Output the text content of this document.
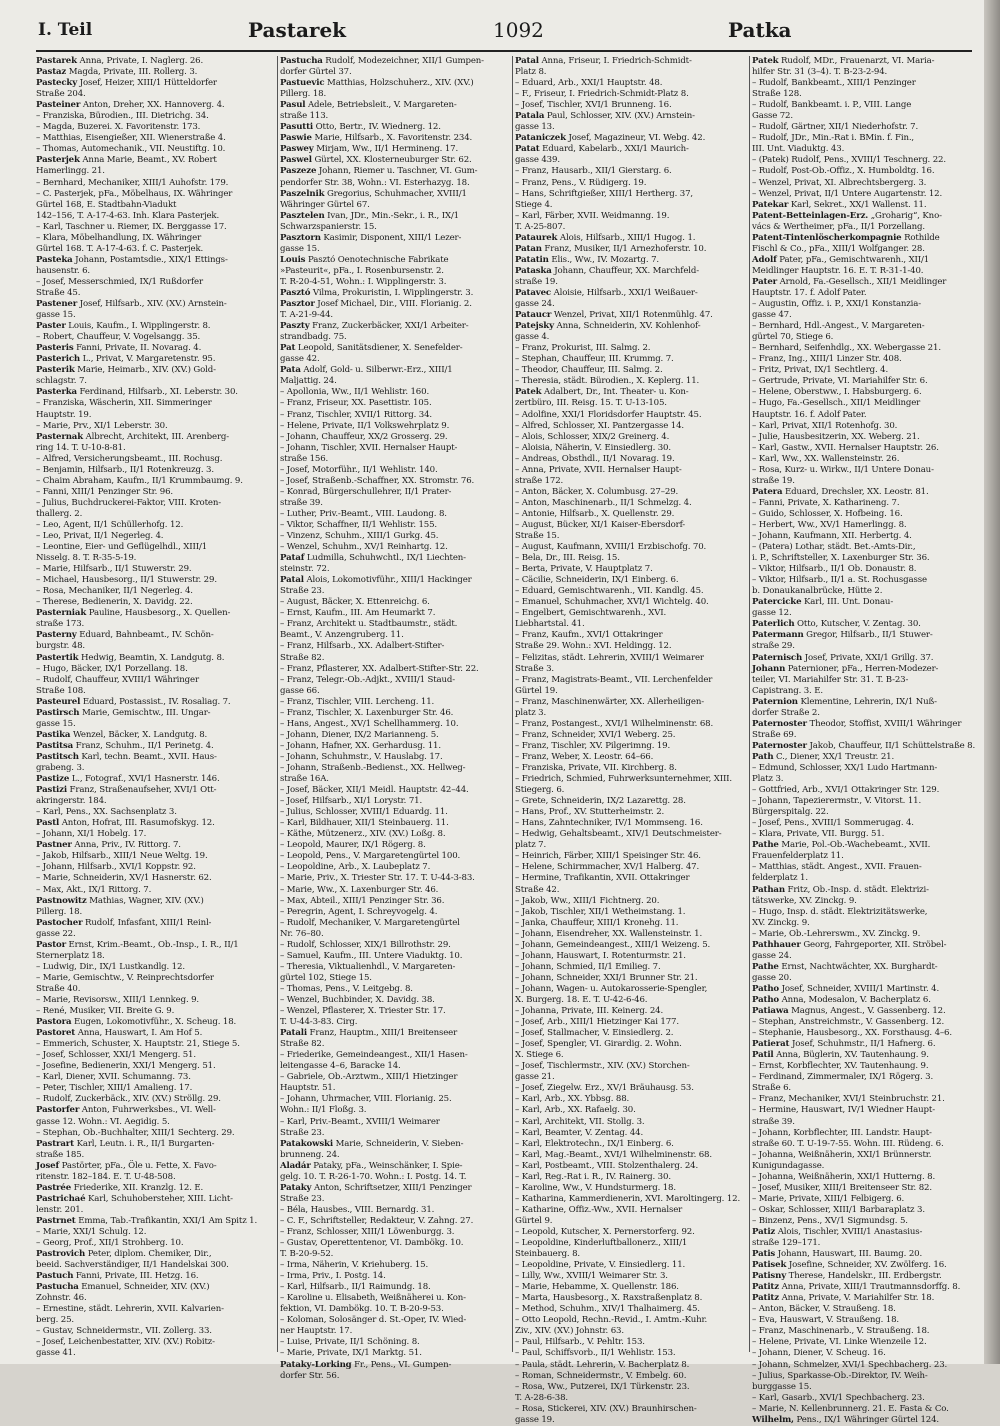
I. Teil	Pastarek	1092	Patka
Pastarek Anna, Private, I. Naglerg. 26.
Pastaz Magda, Private, III. Rollerg. 3.
Pastecky Josef, Heizer, XIII/1 Hütteldorfer
Straße 204.
Pasteiner Anton, Dreher, XX. Hannoverg. 4.
– Franziska, Bürodien., III. Dietrichg. 34.
– Magda, Buzerei. X. Favoritenstr. 173.
– Matthias, Eisengießer, XII. Wienerstraße 4.
– Thomas, Automechanik., VII. Neustiftg. 10.
Pasterjek Anna Marie, Beamt., XV. Robert
Hamerlingg. 21.
– Bernhard, Mechaniker, XIII/1 Auhofstr. 179.
– C. Pasterjek, pFa., Möbelhaus, IX. Währinger
Gürtel 168, E. Stadtbahn-Viadukt
142–156, T. A-17-4-63. Inh. Klara Pasterjek.
– Karl, Taschner u. Riemer, IX. Berggasse 17.
– Klara, Möbelhandlung, IX. Währinger
Gürtel 168. T. A-17-4-63. f. C. Pasterjek.
Pasteka Johann, Postamtsdie., XIX/1 Ettings-
hausenstr. 6.
– Josef, Messerschmied, IX/1 Rußdorfer
Straße 45.
Pastener Josef, Hilfsarb., XIV. (XV.) Arnstein-
gasse 15.
Paster Louis, Kaufm., I. Wipplingerstr. 8.
– Robert, Chauffeur, V. Vogelsangg. 35.
Pasteris Fanni, Private, II. Novarag. 4.
Pasterich L., Privat, V. Margaretenstr. 95.
Pasterik Marie, Heimarb., XIV. (XV.) Gold-
schlagstr. 7.
Pasterka Ferdinand, Hilfsarb., XI. Leberstr. 30.
– Franziska, Wäscherin, XII. Simmeringer
Hauptstr. 19.
– Marie, Prv., XI/1 Leberstr. 30.
Pasternak Albrecht, Architekt, III. Arenberg-
ring 14. T. U-10-8-81.
– Alfred, Versicherungsbeamt., III. Rochusg.
– Benjamin, Hilfsarb., II/1 Rotenkreuzg. 3.
– Chaim Abraham, Kaufm., II/1 Krummbaumg. 9.
– Fanni, XIII/1 Penzinger Str. 96.
– Julius, Buchdruckerei-Faktor, VIII. Kroten-
thallerg. 2.
– Leo, Agent, II/1 Schüllerhofg. 12.
– Leo, Privat, II/1 Negerleg. 4.
– Leontine, Eier- und Geflügelhdl., XIII/1
Nisselg. 8. T. R-35-5-19.
– Marie, Hilfsarb., II/1 Stuwerstr. 29.
– Michael, Hausbesorg., II/1 Stuwerstr. 29.
– Rosa, Mechaniker, II/1 Negerleg. 4.
– Therese, Bedienerin, X. Davidg. 22.
Pasterniak Pauline, Hausbesorg., X. Quellen-
straße 173.
Pasterny Eduard, Bahnbeamt., IV. Schön-
burgstr. 48.
Pastertik Hedwig, Beamtin, X. Landgutg. 8.
– Hugo, Bäcker, IX/1 Porzellang. 18.
– Rudolf, Chauffeur, XVIII/1 Währinger
Straße 108.
Pasteurel Eduard, Postassist., IV. Rosaliag. 7.
Pastirsch Marie, Gemischtw., III. Ungar-
gasse 15.
Pastika Wenzel, Bäcker, X. Landgutg. 8.
Pastitsa Franz, Schuhm., II/1 Perinetg. 4.
Pastitsch Karl, techn. Beamt., XVII. Haus-
grabeng. 3.
Pastize L., Fotograf., XVI/1 Hasnerstr. 146.
Pastizi Franz, Straßenaufseher, XVI/1 Ott-
akringerstr. 184.
– Karl, Pens., XX. Sachsenplatz 3.
Pastl Anton, Hofrat, III. Rasumofskyg. 12.
– Johann, XI/1 Hobelg. 17.
Pastner Anna, Priv., IV. Rittorg. 7.
– Jakob, Hilfsarb., XIII/1 Neue Weltg. 19.
– Johann, Hilfsarb., XVI/1 Koppstr. 92.
– Marie, Schneiderin, XV/1 Hasnerstr. 62.
– Max, Akt., IX/1 Rittorg. 7.
Pastnowitz Mathias, Wagner, XIV. (XV.)
Pillerg. 18.
Pastocher Rudolf, Infasfant, XIII/1 Reinl-
gasse 22.
Pastor Ernst, Krim.-Beamt., Ob.-Insp., I. R., II/1
Sternerplatz 18.
– Ludwig, Dir., IX/1 Lustkandlg. 12.
– Marie, Gemischtw., V. Reinprechtsdorfer
Straße 40.
– Marie, Revisorsw., XIII/1 Lennkeg. 9.
– René, Musiker, VII. Breite G. 9.
Pastora Eugen, Lokomotivführ., X. Scheug. 18.
Pastoret Anna, Hauswart, I. Am Hof 5.
– Emmerich, Schuster, X. Hauptstr. 21, Stiege 5.
– Josef, Schlosser, XXI/1 Mengerg. 51.
– Josefine, Bedienerin, XXI/1 Mengerg. 51.
– Karl, Diener, XVII. Schumanng. 73.
– Peter, Tischler, XIII/1 Amalieng. 17.
– Rudolf, Zuckerbäck., XIV. (XV.) Ströllg. 29.
Pastorfer Anton, Fuhrwerksbes., VI. Well-
gasse 12. Wohn.: VI. Aegidig. 5.
– Stephan, Ob.-Buchhalter, XIII/1 Sechterg. 29.
Pastrart Karl, Leutn. i. R., II/1 Burgarten-
straße 185.
Josef Pastörter, pFa., Öle u. Fette, X. Favo-
ritenstr. 182–184. E. T. U-48-508.
Pastrée Friederike, XII. Kranzlg. 12. E.
Pastrichaé Karl, Schuhobersteher, XIII. Licht-
lenstr. 201.
Pastrnet Emma, Tab.-Trafikantin, XXI/1 Am Spitz 1.
– Marie, XXI/1 Schulg. 12.
– Georg, Prof., XII/1 Strohberg. 10.
Pastrovich Peter, diplom. Chemiker, Dir.,
beeid. Sachverständiger, II/1 Handelskai 300.
Pastuch Fanni, Private, III. Hetzg. 16.
Pastucha Emanuel, Schneider, XIV. (XV.)
Zohnstr. 46.
– Ernestine, städt. Lehrerin, XVII. Kalvarien-
berg. 25.
– Gustav, Schneidermstr., VII. Zollerg. 33.
– Josef, Leichenbestatter, XIV. (XV.) Robitz-
gasse 41.
Pastucha Rudolf, Modezeichner, XII/1 Gumpen-
dorfer Gürtel 37.
Pastuevic Matthias, Holzschuherz., XIV. (XV.)
Pillerg. 18.
Pasul Adele, Betriebsleit., V. Margareten-
straße 113.
Pasutti Otto, Bertr., IV. Wiednerg. 12.
Paswie Marie, Hilfsarb., X. Favoritenstr. 234.
Paswey Mirjam, Ww., II/1 Hermineng. 17.
Paswel Gürtel, XX. Klosterneuburger Str. 62.
Paszeze Johann, Riemer u. Taschner, VI. Gum-
pendorfer Str. 38, Wohn.: VI. Esterhazyg. 18.
Paszelnik Gregorius, Schuhmacher, XVIII/1
Währinger Gürtel 67.
Pasztelen Ivan, JDr., Min.-Sekr., i. R., IX/1
Schwarzspanierstr. 15.
Pasztorn Kasimir, Disponent, XIII/1 Lezer-
gasse 15.
Louis Pasztó Oenotechnische Fabrikate
»Pasteurit«, pFa., I. Rosenbursenstr. 2.
T. R-20-4-51, Wohn.: I. Wipplingerstr. 3.
Pasztó Vilma, Prokuristin, I. Wipplingerstr. 3.
Pasztor Josef Michael, Dir., VIII. Florianig. 2.
T. A-21-9-44.
Paszty Franz, Zuckerbäcker, XXI/1 Arbeiter-
strandbadg. 75.
Pat Leopold, Sanitätsdiener, X. Senefelder-
gasse 42.
Pata Adolf, Gold- u. Silberwr.-Erz., XIII/1
Maljattig. 24.
– Apollonia, Ww., II/1 Wehlistr. 160.
– Franz, Friseur, XX. Pasettistr. 105.
– Franz, Tischler, XVII/1 Rittorg. 34.
– Helene, Private, II/1 Volkswehrplatz 9.
– Johann, Chauffeur, XX/2 Grosserg. 29.
– Johann, Tischler, XVII. Hernalser Haupt-
straße 156.
– Josef, Motorführ., II/1 Wehlistr. 140.
– Josef, Straßenb.-Schaffner, XX. Stromstr. 76.
– Konrad, Bürgerschullehrer, II/1 Prater-
straße 39.
– Luther, Priv.-Beamt., VIII. Laudong. 8.
– Viktor, Schaffner, II/1 Wehlistr. 155.
– Vinzenz, Schuhm., XIII/1 Gurkg. 45.
– Wenzel, Schuhm., XV/1 Reinhartg. 12.
Pataf Ludmilla, Schuhwchtl., IX/1 Liechten-
steinstr. 72.
Patal Alois, Lokomotivführ., XIII/1 Hackinger
Straße 23.
– August, Bäcker, X. Ettenreichg. 6.
– Ernst, Kaufm., III. Am Heumarkt 7.
– Franz, Architekt u. Stadtbaumstr., städt.
Beamt., V. Anzengruberg. 11.
– Franz, Hilfsarb., XX. Adalbert-Stifter-
Straße 82.
– Franz, Pflasterer, XX. Adalbert-Stifter-Str. 22.
– Franz, Telegr.-Ob.-Adjkt., XVIII/1 Staud-
gasse 66.
– Franz, Tischler, VIII. Lercheng. 11.
– Franz, Tischler, X. Laxenburger Str. 46.
– Hans, Angest., XV/1 Schellhammerg. 10.
– Johann, Diener, IX/2 Marianneng. 5.
– Johann, Hafner, XX. Gerhardusg. 11.
– Johann, Schuhmstr., V. Hauslabg. 17.
– Johann, Straßenb.-Bedienst., XX. Hellweg-
straße 16A.
– Josef, Bäcker, XII/1 Meidl. Hauptstr. 42–44.
– Josef, Hilfsarb., XI/1 Lorystr. 71.
– Julius, Schlosser, XVIII/1 Eduardg. 11.
– Karl, Bildhauer, XII/1 Steinbauerg. 11.
– Käthe, Mützenerz., XIV. (XV.) Loßg. 8.
– Leopold, Maurer, IX/1 Rögerg. 8.
– Leopold, Pens., V. Margaretengürtel 100.
– Leopoldine, Arb., X. Laubeplatz 7.
– Marie, Priv., X. Triester Str. 17. T. U-44-3-83.
– Marie, Ww., X. Laxenburger Str. 46.
– Max, Abteil., XIII/1 Penzinger Str. 36.
– Peregrin, Agent, I. Schreyvogelg. 4.
– Rudolf, Mechaniker, V. Margaretengürtel
Nr. 76–80.
– Rudolf, Schlosser, XIX/1 Billrothstr. 29.
– Samuel, Kaufm., III. Untere Viaduktg. 10.
– Theresia, Viktualienhdl., V. Margareten-
gürtel 102, Stiege 15.
– Thomas, Pens., V. Leitgebg. 8.
– Wenzel, Buchbinder, X. Davidg. 38.
– Wenzel, Pflasterer, X. Triester Str. 17.
T. U-44-3-83. Cirg.
Patali Franz, Hauptm., XIII/1 Breitenseer
Straße 82.
– Friederike, Gemeindeangest., XII/1 Hasen-
leitengasse 4–6, Baracke 14.
– Gabriele, Ob.-Arztwm., XIII/1 Hietzinger
Hauptstr. 51.
– Johann, Uhrmacher, VIII. Florianig. 25.
Wohn.: II/1 Floßg. 3.
– Karl, Priv.-Beamt., XVIII/1 Weimarer
Straße 23.
Patakowski Marie, Schneiderin, V. Sieben-
brunneng. 24.
Aladár Pataky, pFa., Weinschänker, I. Spie-
gelg. 10. T. R-26-1-70. Wohn.: I. Postg. 14. T.
Pataky Anton, Schriftsetzer, XIII/1 Penzinger
Straße 23.
– Béla, Hausbes., VIII. Bernardg. 31.
– C. F., Schriftsteller, Redakteur, V. Zahng. 27.
– Franz, Schlosser, XIII/1 Löwenburgg. 3.
– Gustav, Operettentenor, VI. Dambökg. 10.
T. B-20-9-52.
– Irma, Näherin, V. Kriehuberg. 15.
– Irma, Priv., I. Postg. 14.
– Karl, Hilfsarb., II/1 Raimundg. 18.
– Karoline u. Elisabeth, Weißnäherei u. Kon-
fektion, VI. Dambökg. 10. T. B-20-9-53.
– Koloman, Solosänger d. St.-Oper, IV. Wied-
ner Hauptstr. 17.
– Luise, Private, II/1 Schöning. 8.
– Marie, Private, IX/1 Marktg. 51.
Pataky-Lorking Fr., Pens., VI. Gumpen-
dorfer Str. 56.
Patal Anna, Friseur, I. Friedrich-Schmidt-
Platz 8.
– Eduard, Arb., XXI/1 Hauptstr. 48.
– F., Friseur, I. Friedrich-Schmidt-Platz 8.
– Josef, Tischler, XVI/1 Brunneng. 16.
Patala Paul, Schlosser, XIV. (XV.) Arnstein-
gasse 13.
Pataniczek Josef, Magazineur, VI. Webg. 42.
Patat Eduard, Kabelarb., XXI/1 Maurich-
gasse 439.
– Franz, Hausarb., XII/1 Gierstarg. 6.
– Franz, Pens., V. Rüdigerg. 19.
– Hans, Schriftgießer, XIII/1 Hertherg. 37,
Stiege 4.
– Karl, Färber, XVII. Weidmanng. 19.
T. A-25-807.
Pataurek Alois, Hilfsarb., XIII/1 Hugog. 1.
Patan Franz, Musiker, II/1 Arnezhoferstr. 10.
Patatin Elis., Ww., IV. Mozartg. 7.
Pataska Johann, Chauffeur, XX. Marchfeld-
straße 19.
Patavec Aloisie, Hilfsarb., XXI/1 Weißauer-
gasse 24.
Pataucr Wenzel, Privat, XII/1 Rotenmühlg. 47.
Patejsky Anna, Schneiderin, XV. Kohlenhof-
gasse 4.
– Franz, Prokurist, III. Salmg. 2.
– Stephan, Chauffeur, III. Krummg. 7.
– Theodor, Chauffeur, III. Salmg. 2.
– Theresia, städt. Bürodien., X. Keplerg. 11.
Patek Adalbert, Dr., Int. Theater- u. Kon-
zertbüro, III. Reisg. 15. T. U-13-105.
– Adolfine, XXI/1 Floridsdorfer Hauptstr. 45.
– Alfred, Schlosser, XI. Pantzergasse 14.
– Alois, Schlosser, XIX/2 Greinerg. 4.
– Aloisia, Näherin, V. Einsiedlerg. 30.
– Andreas, Obsthdl., II/1 Novarag. 19.
– Anna, Private, XVII. Hernalser Haupt-
straße 172.
– Anton, Bäcker, X. Columbusg. 27–29.
– Anton, Maschinenarb., II/1 Schmelzg. 4.
– Antonie, Hilfsarb., X. Quellenstr. 29.
– August, Bücker, XI/1 Kaiser-Ebersdorf-
Straße 15.
– August, Kaufmann, XVIII/1 Erzbischofg. 70.
– Bela, Dr., III. Reisg. 15.
– Berta, Private, V. Hauptplatz 7.
– Cäcilie, Schneiderin, IX/1 Einberg. 6.
– Eduard, Gemischtwarenh., VII. Kandlg. 45.
– Emanuel, Schuhmacher, XVI/1 Wichtelg. 40.
– Engelbert, Gemischtwarenh., XVI.
Liebhartstal. 41.
– Franz, Kaufm., XVI/1 Ottakringer
Straße 29. Wohn.: XVI. Heldingg. 12.
– Felizitas, städt. Lehrerin, XVIII/1 Weimarer
Straße 3.
– Franz, Magistrats-Beamt., VII. Lerchenfelder
Gürtel 19.
– Franz, Maschinenwärter, XX. Allerheiligen-
platz 3.
– Franz, Postangest., XVI/1 Wilhelminenstr. 68.
– Franz, Schneider, XVI/1 Weberg. 25.
– Franz, Tischler, XV. Pilgerimng. 19.
– Franz, Weber, X. Leostr. 64–66.
– Franziska, Private, VII. Kirchberg. 8.
– Friedrich, Schmied, Fuhrwerksunternehmer, XIII.
Stiegerg. 6.
– Grete, Schneiderin, IX/2 Lazarettg. 28.
– Hans, Prof., XV. Stutterheimstr. 2.
– Hans, Zahntechniker, IV/1 Mommseng. 16.
– Hedwig, Gehaltsbeamt., XIV/1 Deutschmeister-
platz 7.
– Heinrich, Färber, XIII/1 Speisinger Str. 46.
– Helene, Schirmmacher, XV/1 Halberg. 47.
– Hermine, Trafikantin, XVII. Ottakringer
Straße 42.
– Jakob, Ww., XIII/1 Fichtnerg. 20.
– Jakob, Tischler, XII/1 Wetheimstang. 1.
– Janka, Chauffeur, XIII/1 Kronehg. 11.
– Johann, Eisendreher, XX. Wallensteinstr. 1.
– Johann, Gemeindeangest., XIII/1 Weizeng. 5.
– Johann, Hauswart, I. Rotenturmstr. 21.
– Johann, Schmied, II/1 Emilieg. 7.
– Johann, Schneider, XXI/1 Brunner Str. 21.
– Johann, Wagen- u. Autokarosserie-Spengler,
X. Burgerg. 18. E. T. U-42-6-46.
– Johanna, Private, III. Keinerg. 24.
– Josef, Arb., XIII/1 Hietzinger Kai 177.
– Josef, Stallmacher, V. Einsiedlerg. 2.
– Josef, Spengler, VI. Girardig. 2. Wohn.
X. Stiege 6.
– Josef, Tischlermstr., XIV. (XV.) Storchen-
gasse 21.
– Josef, Ziegelw. Erz., XV/1 Bräuhausg. 53.
– Karl, Arb., XX. Ybbsg. 88.
– Karl, Arb., XX. Rafaelg. 30.
– Karl, Architekt, VII. Stollg. 3.
– Karl, Beamter, V. Zentag. 44.
– Karl, Elektrotechn., IX/1 Einberg. 6.
– Karl, Mag.-Beamt., XVI/1 Wilhelminenstr. 68.
– Karl, Postbeamt., VIII. Stolzenthalerg. 24.
– Karl, Reg.-Rat i. R., IV. Rainerg. 30.
– Karoline, Ww., V. Hundsturmerg. 18.
– Katharina, Kammerdienerin, XVI. Maroltingerg. 12.
– Katharine, Offiz.-Ww., XVII. Hernalser
Gürtel 9.
– Leopold, Kutscher, X. Pernerstorferg. 92.
– Leopoldine, Kinderluftballonerz., XIII/1
Steinbauerg. 8.
– Leopoldine, Private, V. Einsiedlerg. 11.
– Lilly, Ww., XVIII/1 Weimarer Str. 3.
– Marie, Hebamme, X. Quellenstr. 186.
– Marta, Hausbesorg., X. Raxstraßenplatz 8.
– Method, Schuhm., XIV/1 Thalhaimerg. 45.
– Otto Leopold, Rechn.-Revid., I. Amtm.-Kuhr.
Ziv., XIV. (XV.) Johnstr. 63.
– Paul, Hilfsarb., V. Pehltr. 153.
– Paul, Schiffsvorb., II/1 Wehlistr. 153.
– Paula, städt. Lehrerin, V. Bacherplatz 8.
– Roman, Schneidermstr., V. Embelg. 60.
– Rosa, Ww., Putzerei, IX/1 Türkenstr. 23.
T. A-28-6-38.
– Rosa, Stickerei, XIV. (XV.) Braunhirschen-
gasse 19.
Patek Rudolf, MDr., Frauenarzt, VI. Maria-
hilfer Str. 31 (3–4). T. B-23-2-94.
– Rudolf, Bankbeamt., XIII/1 Penzinger
Straße 128.
– Rudolf, Bankbeamt. i. P., VIII. Lange
Gasse 72.
– Rudolf, Gärtner, XII/1 Niederhofstr. 7.
– Rudolf, JDr., Min.-Rat i. BMin. f. Fin.,
III. Unt. Viaduktg. 43.
– (Patek) Rudolf, Pens., XVIII/1 Teschnerg. 22.
– Rudolf, Post-Ob.-Offiz., X. Humboldtg. 16.
– Wenzel, Privat, XI. Albrechtsbergerg. 3.
– Wenzel, Privat, II/1 Untere Augartenstr. 12.
Patekar Karl, Sekret., XX/1 Wallenst. 11.
Patent-Betteinlagen-Erz. „Groharig“, Kno-
vács & Wertheimer, pFa., II/1 Porzellang.
Patent-Tintenlöscherkompagnie Rothilde
Fischl & Co., pFa., XIII/1 Wolfganger. 28.
Adolf Pater, pFa., Gemischtwarenh., XII/1
Meidlinger Hauptstr. 16. E. T. R-31-1-40.
Pater Arnold, Fa.-Gesellsch., XII/1 Meidlinger
Hauptstr. 17. f. Adolf Pater.
– Augustin, Offiz. i. P., XXI/1 Konstanzia-
gasse 47.
– Bernhard, Hdl.-Angest., V. Margareten-
gürtel 70, Stiege 6.
– Bernhard, Seifenhdlg., XX. Webergasse 21.
– Franz, Ing., XIII/1 Linzer Str. 408.
– Fritz, Privat, IX/1 Sechtlerg. 4.
– Gertrude, Private, VI. Mariahilfer Str. 6.
– Helene, Oberstww., I. Habsburgerg. 6.
– Hugo, Fa.-Gesellsch., XII/1 Meidlinger
Hauptstr. 16. f. Adolf Pater.
– Karl, Privat, XII/1 Rotenhofg. 30.
– Julie, Hausbesitzerin, XX. Weberg. 21.
– Karl, Gastw., XVII. Hernalser Hauptstr. 26.
– Karl, Ww., XX. Wallensteinstr. 26.
– Rosa, Kurz- u. Wirkw., II/1 Untere Donau-
straße 19.
Patera Eduard, Drechsler, XX. Leostr. 81.
– Fanni, Private, X. Katharineng. 7.
– Guido, Schlosser, X. Hofbeing. 16.
– Herbert, Ww., XV/1 Hamerlingg. 8.
– Johann, Kaufmann, XII. Herbertg. 4.
– (Patera) Lothar, städt. Bet.-Amts-Dir.,
i. P., Schriftsteller, X. Laxenburger Str. 36.
– Viktor, Hilfsarb., II/1 Ob. Donaustr. 8.
– Viktor, Hilfsarb., II/1 a. St. Rochusgasse
b. Donaukanalbrücke, Hütte 2.
Patercicke Karl, III. Unt. Donau-
gasse 12.
Paterlich Otto, Kutscher, V. Zentag. 30.
Patermann Gregor, Hilfsarb., II/1 Stuwer-
straße 29.
Paternisch Josef, Private, XXI/1 Grillg. 37.
Johann Paternioner, pFa., Herren-Modezer-
teiler, VI. Mariahilfer Str. 31. T. B-23-
Capistrang. 3. E.
Paternion Klementine, Lehrerin, IX/1 Nuß-
dorfer Straße 2.
Paternoster Theodor, Stoffist, XVIII/1 Währinger
Straße 69.
Paternoster Jakob, Chauffeur, II/1 Schüttelstraße 8.
Path C., Diener, XX/1 Treustr. 21.
– Edmund, Schlosser, XX/1 Ludo Hartmann-
Platz 3.
– Gottfried, Arb., XVI/1 Ottakringer Str. 129.
– Johann, Tapezierermstr., V. Vitorst. 11.
Bürgerspitalg. 22.
– Josef, Pens., XVIII/1 Sommerugag. 4.
– Klara, Private, VII. Burgg. 51.
Pathe Marie, Pol.-Ob.-Wachebeamt., XVII.
Frauenfelderplatz 11.
– Matthias, städt. Angest., XVII. Frauen-
felderplatz 1.
Pathan Fritz, Ob.-Insp. d. städt. Elektrizi-
tätswerke, XV. Zinckg. 9.
– Hugo, Insp. d. städt. Elektrizitätswerke,
XV. Zinckg. 9.
– Marie, Ob.-Lehrerswm., XV. Zinckg. 9.
Pathhauer Georg, Fahrgeporter, XII. Ströbel-
gasse 24.
Pathe Ernst, Nachtwächter, XX. Burghardt-
gasse 20.
Patho Josef, Schneider, XVIII/1 Martinstr. 4.
Patho Anna, Modesalon, V. Bacherplatz 6.
Patiawa Magnus, Angest., V. Gassenberg. 12.
– Stephan, Anstreichmstr., V. Gassenberg. 12.
– Stephanie, Hausbesorg., XX. Forsthausg. 4–6.
Patierat Josef, Schuhmstr., II/1 Hafnerg. 6.
Patil Anna, Büglerin, XV. Tautenhaung. 9.
– Ernst, Korbflechter, XV. Tautenhaung. 9.
– Ferdinand, Zimmermaler, IX/1 Rögerg. 3.
Straße 6.
– Franz, Mechaniker, XVI/1 Steinbruchstr. 21.
– Hermine, Hauswart, IV/1 Wiedner Haupt-
straße 39.
– Johann, Korbflechter, III. Landstr. Haupt-
straße 60. T. U-19-7-55. Wohn. III. Rüdeng. 6.
– Johanna, Weißnäherin, XXI/1 Brünnerstr.
Kunigundagasse.
– Johanna, Weißnäherin, XXI/1 Hutterng. 8.
– Josef, Musiker, XIII/1 Breitenseer Str. 82.
– Marie, Private, XIII/1 Felbigerg. 6.
– Oskar, Schlosser, XIII/1 Barbaraplatz 3.
– Binzenz, Pens., XV/1 Sigmundsg. 5.
Patiz Alois, Tischler, XVIII/1 Anastasius-
straße 129–171.
Patis Johann, Hauswart, III. Baumg. 20.
Patisek Josefine, Schneider, XV. Zwölferg. 16.
Patisny Therese, Handelskr., III. Erdbergstr.
Patitz Anna, Private, XIII/1 Trautmannsdorffg. 8.
Patitz Anna, Private, V. Mariahilfer Str. 18.
– Anton, Bäcker, V. Straußeng. 18.
– Eva, Hauswart, V. Straußeng. 18.
– Franz, Maschinenarb., V. Straußeng. 18.
– Helene, Private, VI. Linke Wienzeile 12.
– Johann, Diener, V. Scheug. 16.
– Johann, Schmelzer, XVI/1 Spechbacherg. 23.
– Julius, Sparkasse-Ob.-Direktor, IV. Weih-
burggasse 15.
– Karl, Gasarb., XVI/1 Spechbacherg. 23.
– Marie, N. Kellenbrunnerg. 21. E. Fasta & Co.
Wilhelm, Pens., IX/1 Währinger Gürtel 124.
